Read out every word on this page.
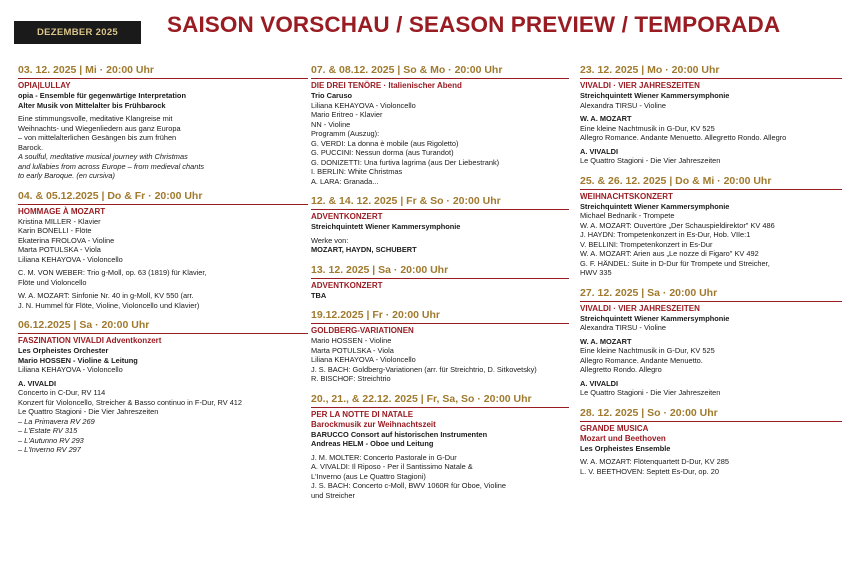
DEZEMBER 2025	SAISON VORSCHAU / SEASON PREVIEW / TEMPORADA
03. 12. 2025 | Mi · 20:00 Uhr
OPIA|LULLAY
opia - Ensemble für gegenwärtige Interpretation
Alter Musik von Mittelalter bis Frühbarock
Eine stimmungsvolle, meditative Klangreise mit
Weihnachts- und Wiegenliedern aus ganz Europa
– von mittelalterlichen Gesängen bis zum frühen
Barock.
A soulful, meditative musical journey with Christmas
and lullabies from across Europe – from medieval chants
to early Baroque. (en cursiva)
04. & 05.12.2025 | Do & Fr · 20:00 Uhr
HOMMAGE À MOZART
Kristina MILLER - Klavier
Karin BONELLI - Flöte
Ekaterina FROLOVA - Violine
Marta POTULSKA - Viola
Liliana KEHAYOVA - Violoncello
C. M. VON WEBER: Trio g-Moll, op. 63 (1819) für Klavier,
Flöte und Violoncello
W. A. MOZART: Sinfonie Nr. 40 in g-Moll, KV 550 (arr.
J. N. Hummel für Flöte, Violine, Violoncello und Klavier)
06.12.2025 | Sa · 20:00 Uhr
FASZINATION VIVALDI Adventkonzert
Les Orpheistes Orchester
Mario HOSSEN - Violine & Leitung
Liliana KEHAYOVA - Violoncello
A. VIVALDI
Concerto in C-Dur, RV 114
Konzert für Violoncello, Streicher & Basso continuo in F-Dur, RV 412
Le Quattro Stagioni - Die Vier Jahreszeiten
– La Primavera RV 269
– L'Estate RV 315
– L'Autunno RV 293
– L'Inverno RV 297
07. & 08.12. 2025 | So & Mo · 20:00 Uhr
DIE DREI TENÖRE · Italienischer Abend
Trio Caruso
Liliana KEHAYOVA - Violoncello
Mario Eritreo - Klavier
NN - Violine
Programm (Auszug):
G. VERDI: La donna è mobile (aus Rigoletto)
G. PUCCINI: Nessun dorma (aus Turandot)
G. DONIZETTI: Una furtiva lagrima (aus Der Liebestrank)
I. BERLIN: White Christmas
A. LARA: Granada...
12. & 14. 12. 2025 | Fr & So · 20:00 Uhr
ADVENTKONZERT
Streichquintett Wiener Kammersymphonie
Werke von:
MOZART, HAYDN, SCHUBERT
13. 12. 2025 | Sa · 20:00 Uhr
ADVENTKONZERT
TBA
19.12.2025 | Fr · 20:00 Uhr
GOLDBERG-VARIATIONEN
Mario HOSSEN - Violine
Marta POTULSKA - Viola
Liliana KEHAYOVA - Violoncello
J. S. BACH: Goldberg-Variationen (arr. für Streichtrio, D. Sitkovetsky)
R. BISCHOF: Streichtrio
20., 21., & 22.12. 2025 | Fr, Sa, So · 20:00 Uhr
PER LA NOTTE DI NATALE
Barockmusik zur Weihnachtszeit
BARUCCO Consort auf historischen Instrumenten
Andreas HELM - Oboe und Leitung
J. M. MOLTER: Concerto Pastorale in G-Dur
A. VIVALDI: Il Riposo - Per il Santissimo Natale &
L'Inverno (aus Le Quattro Stagioni)
J. S. BACH: Concerto c-Moll, BWV 1060R für Oboe, Violine
und Streicher
23. 12. 2025 | Mo · 20:00 Uhr
VIVALDI · VIER JAHRESZEITEN
Streichquintett Wiener Kammersymphonie
Alexandra TIRSU - Violine
W. A. MOZART
Eine kleine Nachtmusik in G-Dur, KV 525
Allegro Romance. Andante Menuetto. Allegretto Rondo. Allegro
A. VIVALDI
Le Quattro Stagioni - Die Vier Jahreszeiten
25. & 26. 12. 2025 | Do & Mi · 20:00 Uhr
WEIHNACHTSKONZERT
Streichquintett Wiener Kammersymphonie
Michael Bednarik - Trompete
W. A. MOZART: Ouvertüre „Der Schauspieldirektor" KV 486
J. HAYDN: Trompetenkonzert in Es-Dur, Hob. VIIe:1
V. BELLINI: Trompetenkonzert in Es-Dur
W. A. MOZART: Arien aus „Le nozze di Figaro" KV 492
G. F. HÄNDEL: Suite in D-Dur für Trompete und Streicher,
HWV 335
27. 12. 2025 | Sa · 20:00 Uhr
VIVALDI · VIER JAHRESZEITEN
Streichquintett Wiener Kammersymphonie
Alexandra TIRSU - Violine
W. A. MOZART
Eine kleine Nachtmusik in G-Dur, KV 525
Allegro Romance. Andante Menuetto.
Allegretto Rondo. Allegro
A. VIVALDI
Le Quattro Stagioni - Die Vier Jahreszeiten
28. 12. 2025 | So · 20:00 Uhr
GRANDE MUSICA
Mozart und Beethoven
Les Orpheistes Ensemble
W. A. MOZART: Flötenquartett D-Dur, KV 285
L. V. BEETHOVEN: Septett Es-Dur, op. 20
